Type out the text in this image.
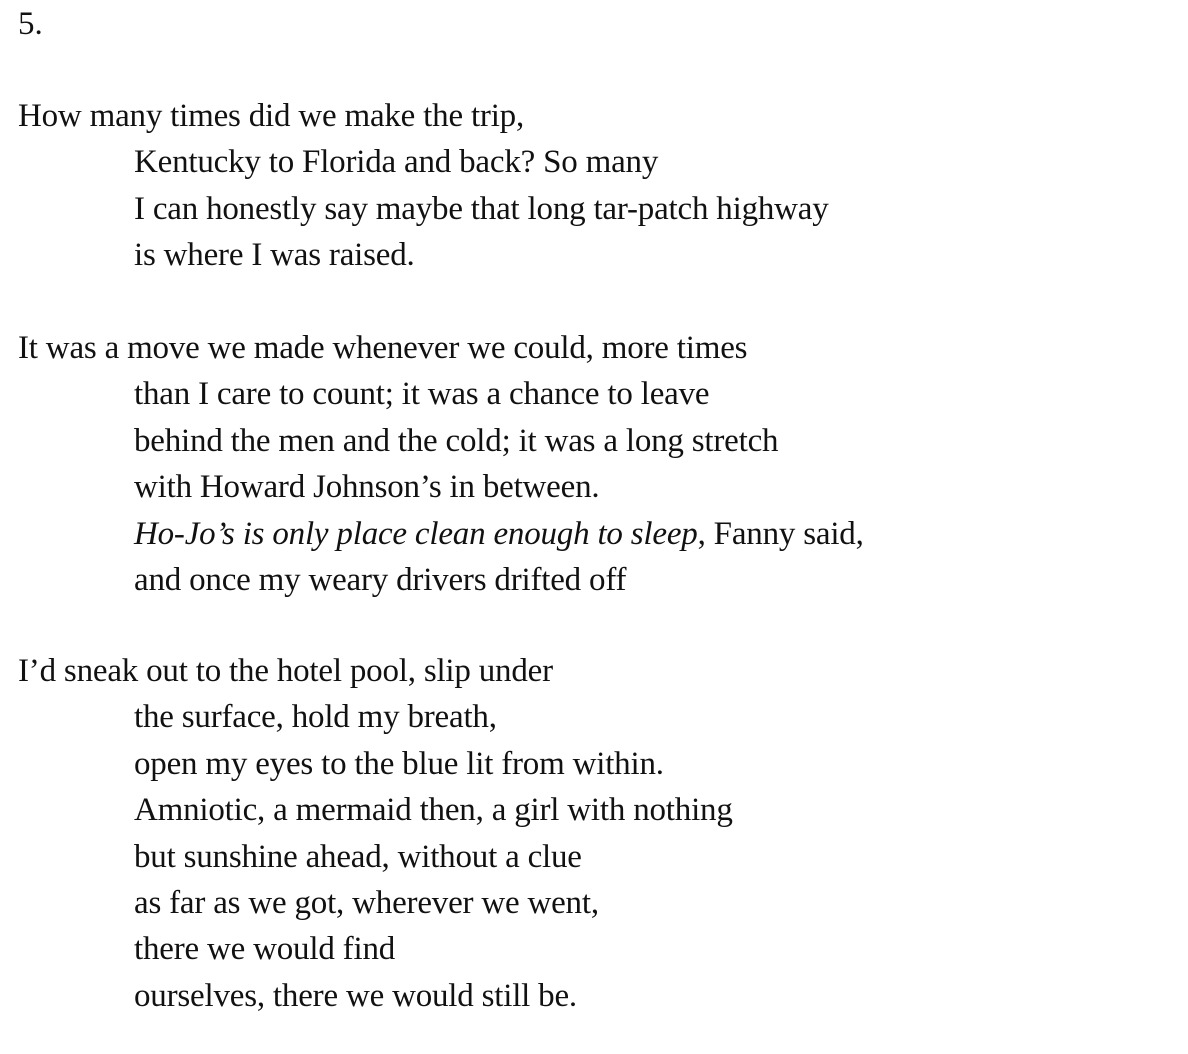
5.
How many times did we make the trip,
Kentucky to Florida and back? So many
I can honestly say maybe that long tar-patch highway
is where I was raised.
It was a move we made whenever we could, more times
than I care to count; it was a chance to leave
behind the men and the cold; it was a long stretch
with Howard Johnson’s in between.
Ho-Jo’s is only place clean enough to sleep, Fanny said,
and once my weary drivers drifted off
I’d sneak out to the hotel pool, slip under
the surface, hold my breath,
open my eyes to the blue lit from within.
Amniotic, a mermaid then, a girl with nothing
but sunshine ahead, without a clue
as far as we got, wherever we went,
there we would find
ourselves, there we would still be.
